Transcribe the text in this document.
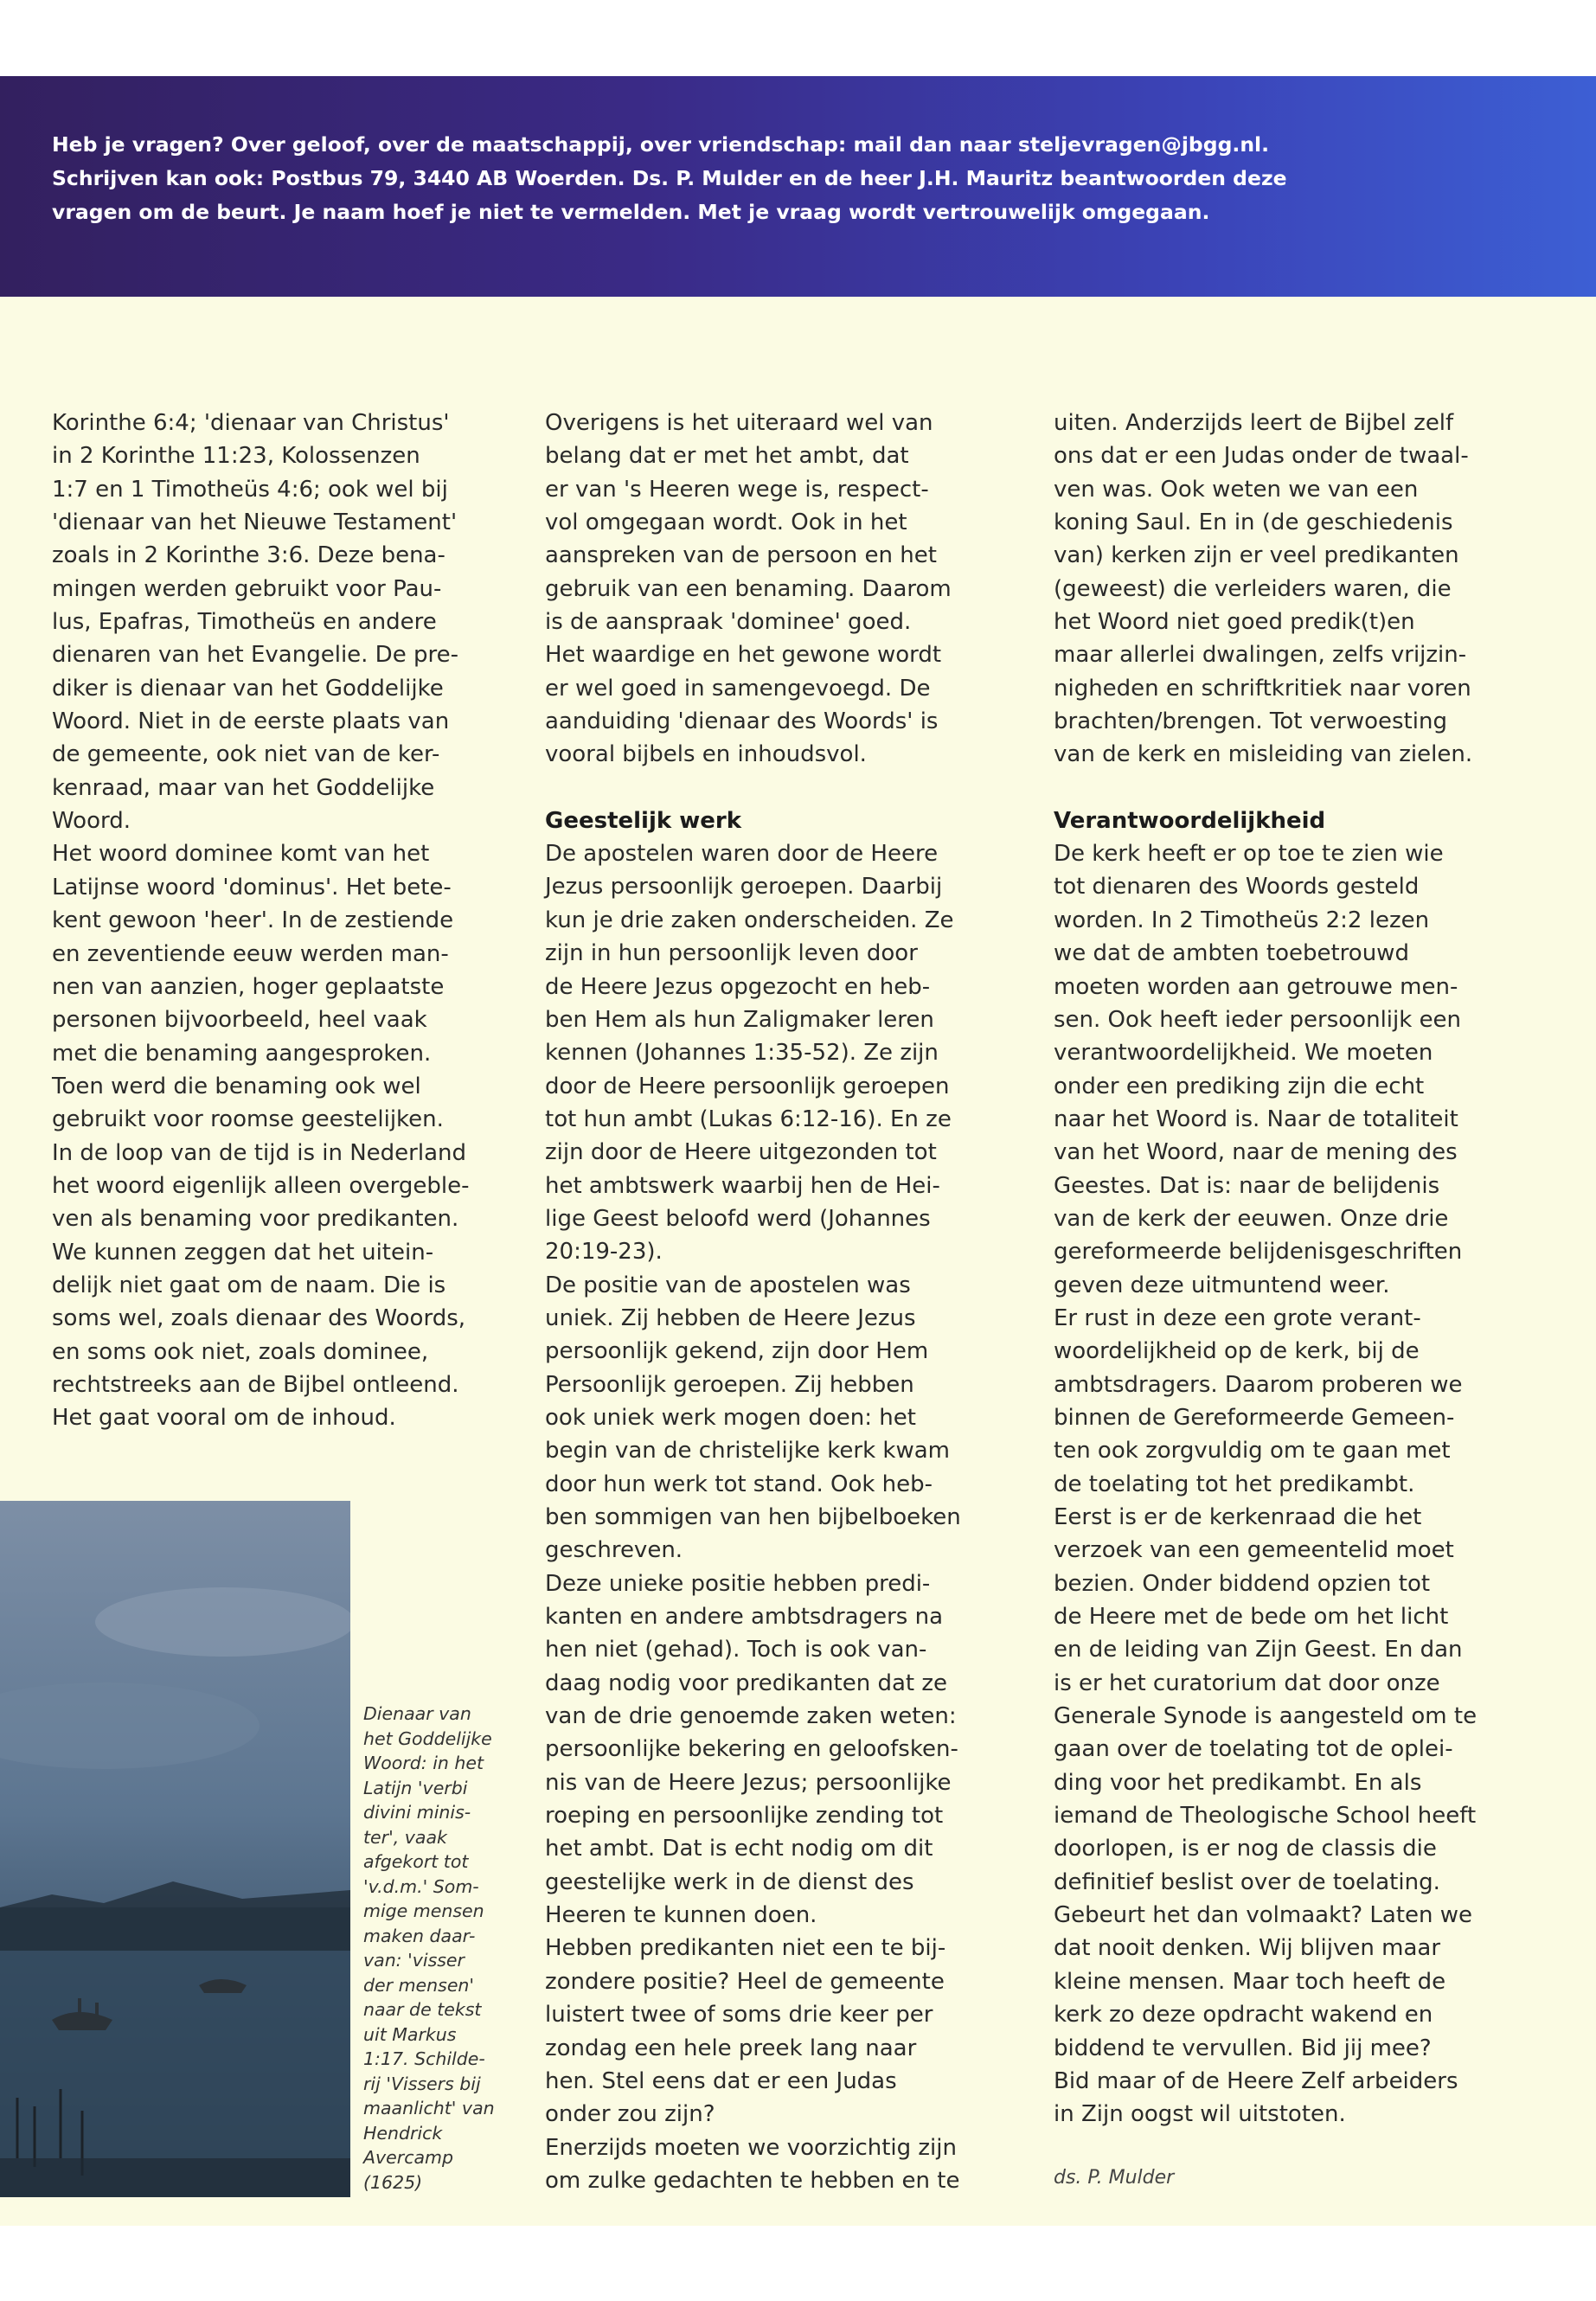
Heb je vragen? Over geloof, over de maatschappij, over vriendschap: mail dan naar steljevragen@jbgg.nl.

Schrijven kan ook: Postbus 79, 3440 AB Woerden. Ds. P. Mulder en de heer J.H. Mauritz beantwoorden deze

vragen om de beurt. Je naam hoef je niet te vermelden. Met je vraag wordt vertrouwelijk omgegaan.

Korinthe 6:4; 'dienaar van Christus'

in 2 Korinthe 11:23, Kolossenzen

1:7 en 1 Timotheüs 4:6; ook wel bij

'dienaar van het Nieuwe Testament'

zoals in 2 Korinthe 3:6. Deze bena-

mingen werden gebruikt voor Pau-

lus, Epafras, Timotheüs en andere

dienaren van het Evangelie. De pre-

diker is dienaar van het Goddelijke

Woord. Niet in de eerste plaats van

de gemeente, ook niet van de ker-

kenraad, maar van het Goddelijke

Woord.

Het woord dominee komt van het

Latijnse woord 'dominus'. Het bete-

kent gewoon 'heer'. In de zestiende

en zeventiende eeuw werden man-

nen van aanzien, hoger geplaatste

personen bijvoorbeeld, heel vaak

met die benaming aangesproken.

Toen werd die benaming ook wel

gebruikt voor roomse geestelijken.

In de loop van de tijd is in Nederland

het woord eigenlijk alleen overgeble-

ven als benaming voor predikanten.

We kunnen zeggen dat het uitein-

delijk niet gaat om de naam. Die is

soms wel, zoals dienaar des Woords,

en soms ook niet, zoals dominee,

rechtstreeks aan de Bijbel ontleend.

Het gaat vooral om de inhoud.

Overigens is het uiteraard wel van

belang dat er met het ambt, dat

er van 's Heeren wege is, respect-

vol omgegaan wordt. Ook in het

aanspreken van de persoon en het

gebruik van een benaming. Daarom

is de aanspraak 'dominee' goed.

Het waardige en het gewone wordt

er wel goed in samengevoegd. De

aanduiding 'dienaar des Woords' is

vooral bijbels en inhoudsvol.

Geestelijk werk

De apostelen waren door de Heere

Jezus persoonlijk geroepen. Daarbij

kun je drie zaken onderscheiden. Ze

zijn in hun persoonlijk leven door

de Heere Jezus opgezocht en heb-

ben Hem als hun Zaligmaker leren

kennen (Johannes 1:35-52). Ze zijn

door de Heere persoonlijk geroepen

tot hun ambt (Lukas 6:12-16). En ze

zijn door de Heere uitgezonden tot

het ambtswerk waarbij hen de Hei-

lige Geest beloofd werd (Johannes

20:19-23).

De positie van de apostelen was

uniek. Zij hebben de Heere Jezus

persoonlijk gekend, zijn door Hem

Persoonlijk geroepen. Zij hebben

ook uniek werk mogen doen: het

begin van de christelijke kerk kwam

door hun werk tot stand. Ook heb-

ben sommigen van hen bijbelboeken

geschreven.

Deze unieke positie hebben predi-

kanten en andere ambtsdragers na

hen niet (gehad). Toch is ook van-

daag nodig voor predikanten dat ze

van de drie genoemde zaken weten:

persoonlijke bekering en geloofsken-

nis van de Heere Jezus; persoonlijke

roeping en persoonlijke zending tot

het ambt. Dat is echt nodig om dit

geestelijke werk in de dienst des

Heeren te kunnen doen.

Hebben predikanten niet een te bij-

zondere positie? Heel de gemeente

luistert twee of soms drie keer per

zondag een hele preek lang naar

hen. Stel eens dat er een Judas

onder zou zijn?

Enerzijds moeten we voorzichtig zijn

om zulke gedachten te hebben en te

uiten. Anderzijds leert de Bijbel zelf

ons dat er een Judas onder de twaal-

ven was. Ook weten we van een

koning Saul. En in (de geschiedenis

van) kerken zijn er veel predikanten

(geweest) die verleiders waren, die

het Woord niet goed predik(t)en

maar allerlei dwalingen, zelfs vrijzin-

nigheden en schriftkritiek naar voren

brachten/brengen. Tot verwoesting

van de kerk en misleiding van zielen.

Verantwoordelijkheid

De kerk heeft er op toe te zien wie

tot dienaren des Woords gesteld

worden. In 2 Timotheüs 2:2 lezen

we dat de ambten toebetrouwd

moeten worden aan getrouwe men-

sen. Ook heeft ieder persoonlijk een

verantwoordelijkheid. We moeten

onder een prediking zijn die echt

naar het Woord is. Naar de totaliteit

van het Woord, naar de mening des

Geestes. Dat is: naar de belijdenis

van de kerk der eeuwen. Onze drie

gereformeerde belijdenisgeschriften

geven deze uitmuntend weer.

Er rust in deze een grote verant-

woordelijkheid op de kerk, bij de

ambtsdragers. Daarom proberen we

binnen de Gereformeerde Gemeen-

ten ook zorgvuldig om te gaan met

de toelating tot het predikambt.

Eerst is er de kerkenraad die het

verzoek van een gemeentelid moet

bezien. Onder biddend opzien tot

de Heere met de bede om het licht

en de leiding van Zijn Geest. En dan

is er het curatorium dat door onze

Generale Synode is aangesteld om te

gaan over de toelating tot de oplei-

ding voor het predikambt. En als

iemand de Theologische School heeft

doorlopen, is er nog de classis die

definitief beslist over de toelating.

Gebeurt het dan volmaakt? Laten we

dat nooit denken. Wij blijven maar

kleine mensen. Maar toch heeft de

kerk zo deze opdracht wakend en

biddend te vervullen. Bid jij mee?

Bid maar of de Heere Zelf arbeiders

in Zijn oogst wil uitstoten.

ds. P. Mulder

Dienaar van

het Goddelijke

Woord: in het

Latijn 'verbi

divini minis-

ter', vaak

afgekort tot

'v.d.m.' Som-

mige mensen

maken daar-

van: 'visser

der mensen'

naar de tekst

uit Markus

1:17. Schilde-

rij 'Vissers bij

maanlicht' van

Hendrick

Avercamp

(1625)
